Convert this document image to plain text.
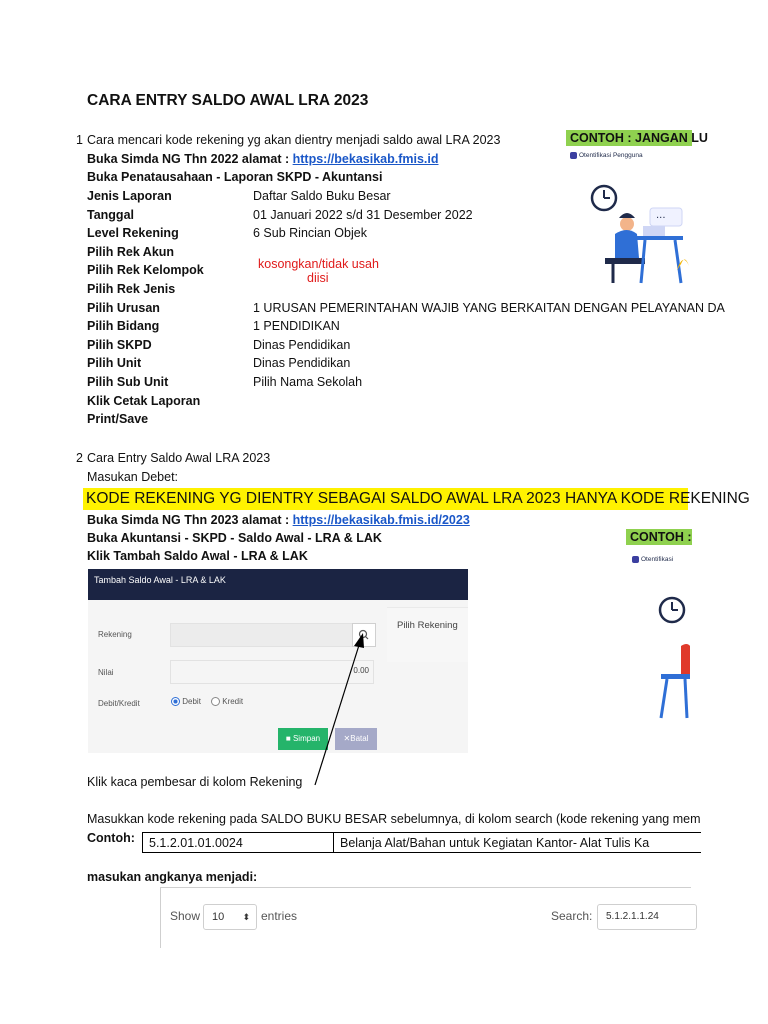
CARA ENTRY SALDO AWAL LRA 2023
1 Cara mencari kode rekening yg akan dientry menjadi saldo awal LRA 2023
Buka Simda NG Thn 2022 alamat : https://bekasikab.fmis.id
Buka Penatausahaan - Laporan SKPD - Akuntansi
Jenis Laporan	Daftar Saldo Buku Besar
Tanggal	01 Januari 2022 s/d 31 Desember 2022
Level Rekening	6 Sub Rincian Objek
Pilih Rek Akun
Pilih Rek Kelompok
Pilih Rek Jenis
Pilih Urusan	1 URUSAN PEMERINTAHAN WAJIB YANG BERKAITAN DENGAN PELAYANAN DA
Pilih Bidang	1 PENDIDIKAN
Pilih SKPD	Dinas Pendidikan
Pilih Unit	Dinas Pendidikan
Pilih Sub Unit	Pilih Nama Sekolah
Klik Cetak Laporan
Print/Save
kosongkan/tidak usah
diisi
CONTOH : JANGAN LU
Otentifikasi Pengguna
···
2 Cara Entry Saldo Awal LRA 2023
Masukan Debet:
KODE REKENING YG DIENTRY SEBAGAI SALDO AWAL LRA 2023 HANYA KODE REKENING
Buka Simda NG Thn 2023 alamat : https://bekasikab.fmis.id/2023
Buka Akuntansi - SKPD - Saldo Awal - LRA & LAK
Klik Tambah Saldo Awal - LRA & LAK
CONTOH :
Otentifikasi
Tambah Saldo Awal - LRA & LAK
Rekening
Nilai	0.00
Debit/Kredit	Debit	Kredit
■ Simpan	✕Batal
Pilih Rekening
Klik kaca pembesar di kolom Rekening
Masukkan kode rekening pada SALDO BUKU BESAR sebelumnya, di kolom search (kode rekening yang mem
Contoh: 5.1.2.01.01.0024	Belanja Alat/Bahan untuk Kegiatan Kantor- Alat Tulis Ka
masukan angkanya menjadi:
Show	10 ⬍ entries	Search:	5.1.2.1.1.24
